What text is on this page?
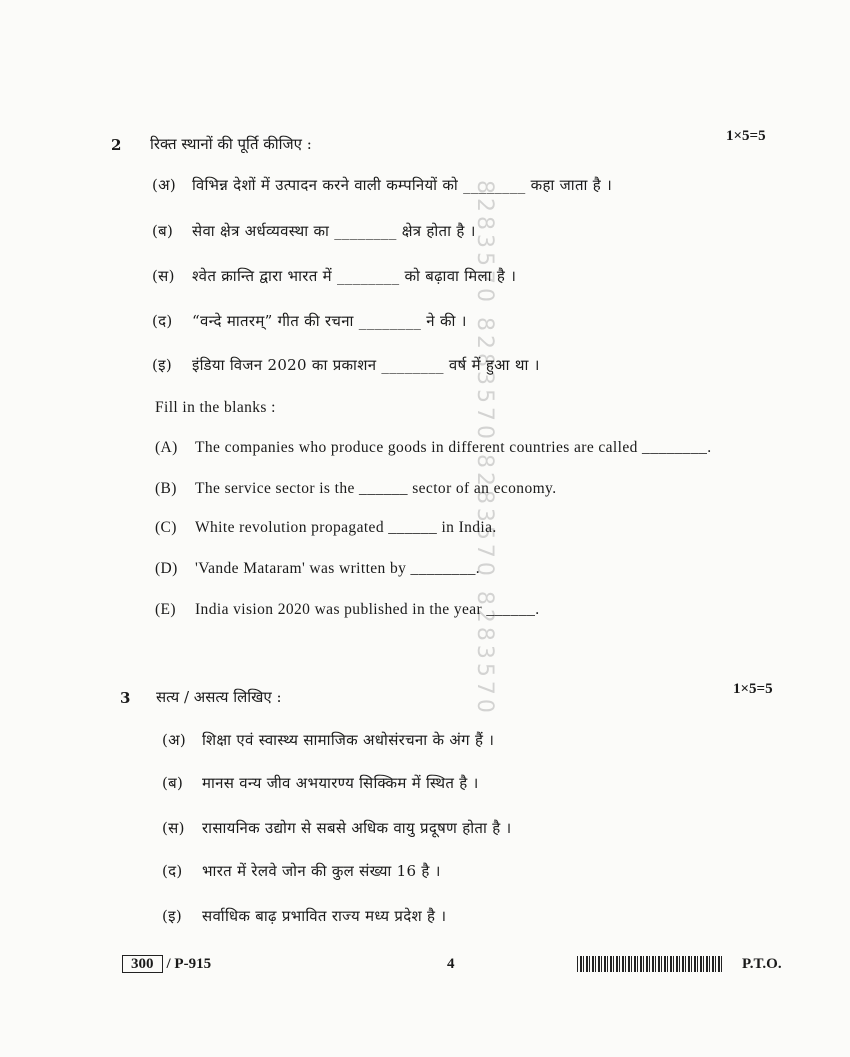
8283570 8283570 8283570 8283570
2 रिक्त स्थानों की पूर्ति कीजिए :	1×5=5
(अ) विभिन्न देशों में उत्पादन करने वाली कम्पनियों को ________ कहा जाता है ।
(ब) सेवा क्षेत्र अर्धव्यवस्था का ________ क्षेत्र होता है ।
(स) श्वेत क्रान्ति द्वारा भारत में ________ को बढ़ावा मिला है ।
(द) “वन्दे मातरम्” गीत की रचना ________ ने की ।
(इ) इंडिया विजन 2020 का प्रकाशन ________ वर्ष में हुआ था ।
Fill in the blanks :
(A) The companies who produce goods in different countries are called ________.
(B) The service sector is the ______ sector of an economy.
(C) White revolution propagated ______ in India.
(D) 'Vande Mataram' was written by ________.
(E) India vision 2020 was published in the year ______.
3 सत्य / असत्य लिखिए :	1×5=5
(अ) शिक्षा एवं स्वास्थ्य सामाजिक अधोसंरचना के अंग हैं ।
(ब) मानस वन्य जीव अभयारण्य सिक्किम में स्थित है ।
(स) रासायनिक उद्योग से सबसे अधिक वायु प्रदूषण होता है ।
(द) भारत में रेलवे जोन की कुल संख्या 16 है ।
(इ) सर्वाधिक बाढ़ प्रभावित राज्य मध्य प्रदेश है ।
300 / P-915	4	P.T.O.
